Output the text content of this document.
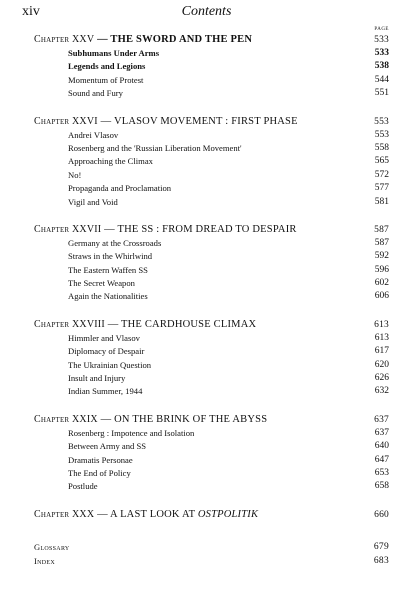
xiv	Contents
PAGE
Chapter XXV — THE SWORD AND THE PEN	533
Subhumans Under Arms	533
Legends and Legions	538
Momentum of Protest	544
Sound and Fury	551
Chapter XXVI — VLASOV MOVEMENT : FIRST PHASE	553
Andrei Vlasov	553
Rosenberg and the 'Russian Liberation Movement'	558
Approaching the Climax	565
No!	572
Propaganda and Proclamation	577
Vigil and Void	581
Chapter XXVII — THE SS : FROM DREAD TO DESPAIR	587
Germany at the Crossroads	587
Straws in the Whirlwind	592
The Eastern Waffen SS	596
The Secret Weapon	602
Again the Nationalities	606
Chapter XXVIII — THE CARDHOUSE CLIMAX	613
Himmler and Vlasov	613
Diplomacy of Despair	617
The Ukrainian Question	620
Insult and Injury	626
Indian Summer, 1944	632
Chapter XXIX — ON THE BRINK OF THE ABYSS	637
Rosenberg : Impotence and Isolation	637
Between Army and SS	640
Dramatis Personae	647
The End of Policy	653
Postlude	658
Chapter XXX — A LAST LOOK AT OSTPOLITIK	660
Glossary	679
Index	683
